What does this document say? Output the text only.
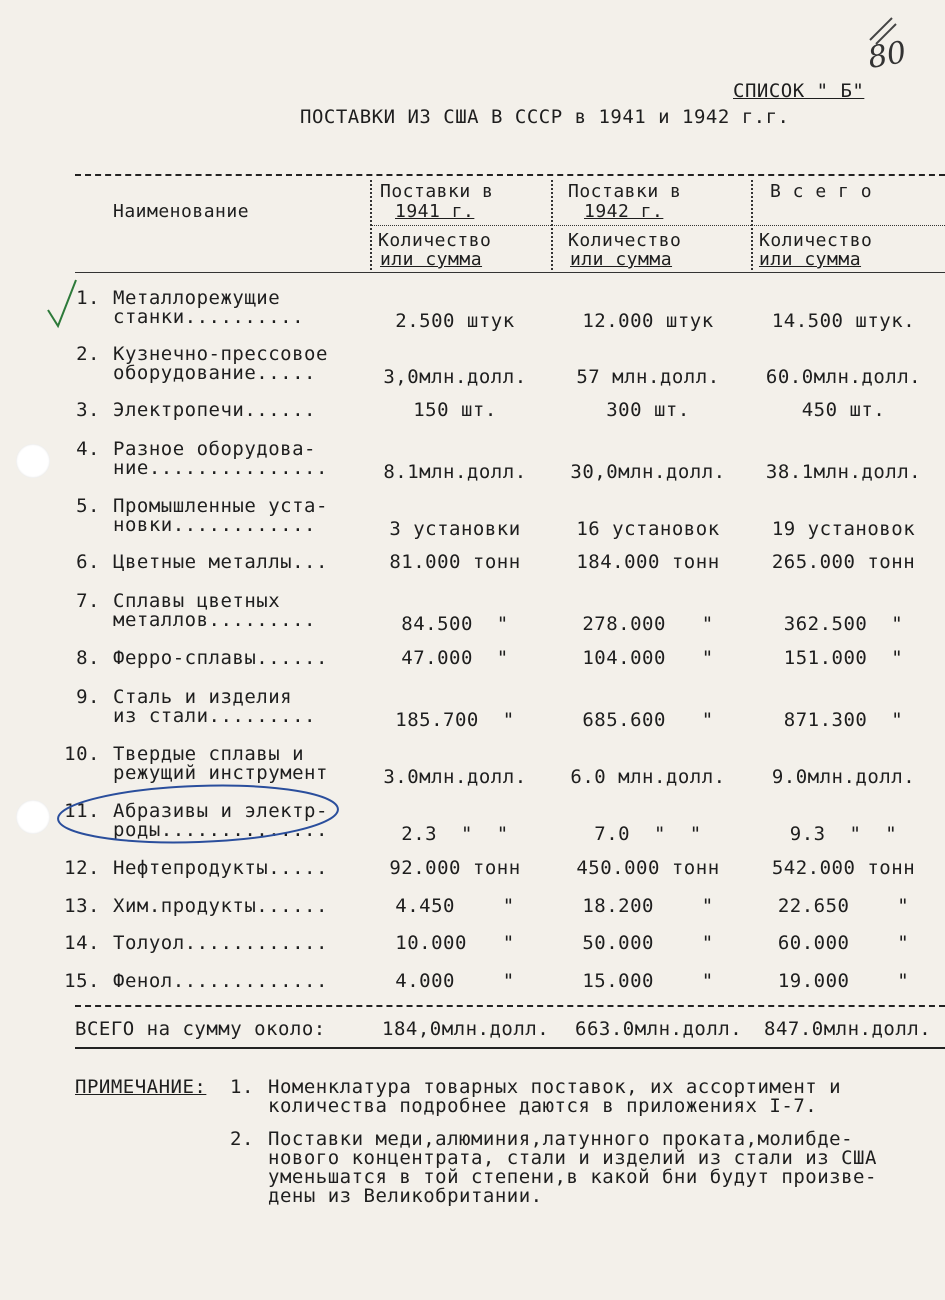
80
СПИСОК " Б"
ПОСТАВКИ ИЗ США В СССР в 1941 и 1942 г.г.
Наименование
Поставки в
1941 г.
Поставки в
1942 г.
В с е г о
Количество
или сумма
Количество
или сумма
Количество
или сумма
1. Металлорежущие
станки..........	2.500 штук	12.000 штук	14.500 штук.
2. Кузнечно-прессовое
оборудование.....	3,0млн.долл.	57 млн.долл.	60.0млн.долл.
3. Электропечи......	150 шт.	300 шт.	450 шт.
4. Разное оборудова-
ние...............	8.1млн.долл.	30,0млн.долл.	38.1млн.долл.
5. Промышленные уста-
новки............	3 установки	16 установок	19 установок
6. Цветные металлы...	81.000 тонн	184.000 тонн	265.000 тонн
7. Сплавы цветных
металлов.........	84.500  "	278.000   "	362.500  "
8. Ферро-сплавы......	47.000  "	104.000   "	151.000  "
9. Сталь и изделия
из стали.........	185.700  "	685.600   "	871.300  "
10. Твердые сплавы и
режущий инструмент	3.0млн.долл.	6.0 млн.долл.	9.0млн.долл.
11. Абразивы и электр-
роды..............	2.3  "  "	7.0  "  "	9.3  "  "
12. Нефтепродукты.....	92.000 тонн	450.000 тонн	542.000 тонн
13. Хим.продукты......	4.450    "	18.200    "	22.650    "
14. Толуол............	10.000   "	50.000    "	60.000    "
15. Фенол.............	4.000    "	15.000    "	19.000    "
ВСЕГО на сумму около:	184,0млн.долл. 663.0млн.долл. 847.0млн.долл.
ПРИМЕЧАНИЕ: 1. Номенклатура товарных поставок, их ассортимент и
количества подробнее даются в приложениях I-7.
2. Поставки меди,алюминия,латунного проката,молибде-
нового концентрата, стали и изделий из стали из США
уменьшатся в той степени,в какой бни будут произве-
дены из Великобритании.
